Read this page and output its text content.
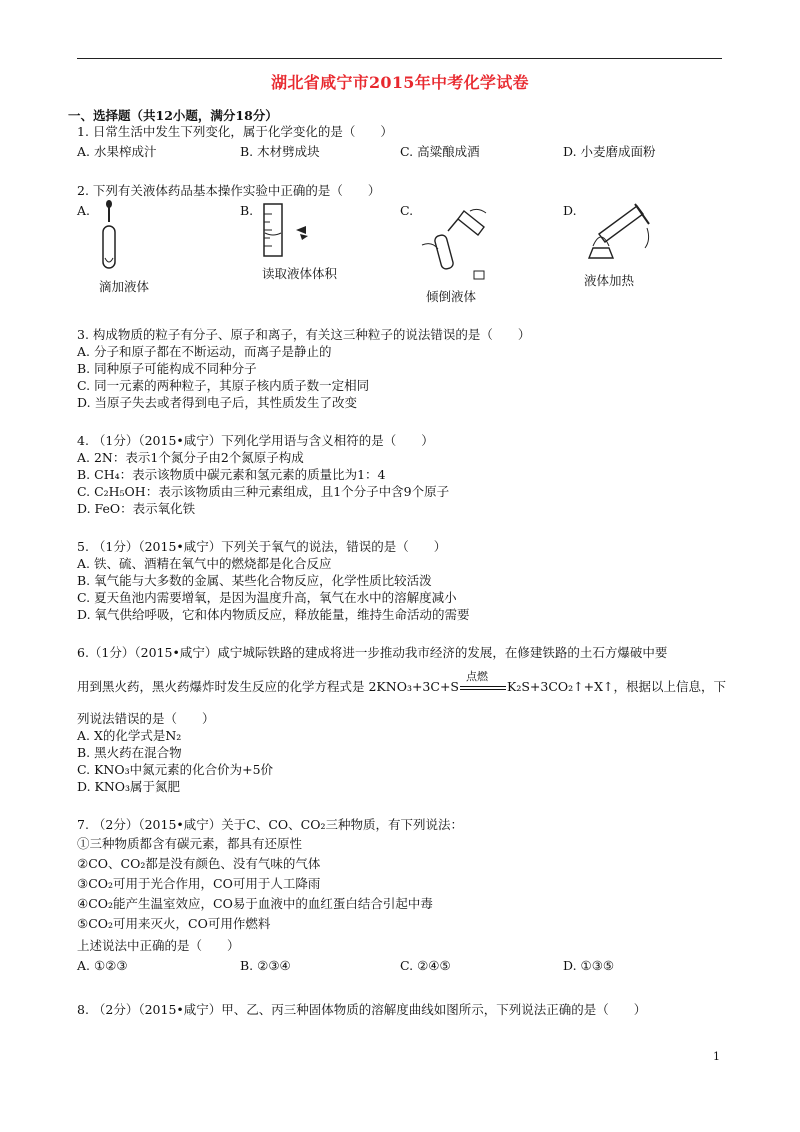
湖北省咸宁市2015年中考化学试卷
一、选择题（共12小题，满分18分）
1. 日常生活中发生下列变化，属于化学变化的是（　　）
A. 水果榨成汁	B. 木材劈成块	C. 高粱酿成酒	D. 小麦磨成面粉
2. 下列有关液体药品基本操作实验中正确的是（　　）
A.	B.	C.	D.
滴加液体
读取液体体积
倾倒液体
液体加热
3. 构成物质的粒子有分子、原子和离子，有关这三种粒子的说法错误的是（　　）
A. 分子和原子都在不断运动，而离子是静止的
B. 同种原子可能构成不同种分子
C. 同一元素的两种粒子，其原子核内质子数一定相同
D. 当原子失去或者得到电子后，其性质发生了改变
4. （1分）（2015•咸宁）下列化学用语与含义相符的是（　　）
A. 2N：表示1个氮分子由2个氮原子构成
B. CH₄：表示该物质中碳元素和氢元素的质量比为1：4
C. C₂H₅OH：表示该物质由三种元素组成，且1个分子中含9个原子
D. FeO：表示氧化铁
5. （1分）（2015•咸宁）下列关于氧气的说法，错误的是（　　）
A. 铁、硫、酒精在氧气中的燃烧都是化合反应
B. 氧气能与大多数的金属、某些化合物反应，化学性质比较活泼
C. 夏天鱼池内需要增氧，是因为温度升高，氧气在水中的溶解度减小
D. 氧气供给呼吸，它和体内物质反应，释放能量，维持生命活动的需要
6.（1分）（2015•咸宁）咸宁城际铁路的建成将进一步推动我市经济的发展，在修建铁路的土石方爆破中要
用到黑火药，黑火药爆炸时发生反应的化学方程式是 2KNO₃+3C+S
点燃
K₂S+3CO₂↑+X↑，根据以上信息，下
列说法错误的是（　　）
A. X的化学式是N₂
B. 黑火药在混合物
C. KNO₃中氮元素的化合价为+5价
D. KNO₃属于氮肥
7. （2分）（2015•咸宁）关于C、CO、CO₂三种物质，有下列说法：
①三种物质都含有碳元素，都具有还原性
②CO、CO₂都是没有颜色、没有气味的气体
③CO₂可用于光合作用，CO可用于人工降雨
④CO₂能产生温室效应，CO易于血液中的血红蛋白结合引起中毒
⑤CO₂可用来灭火，CO可用作燃料
上述说法中正确的是（　　）
A. ①②③	B. ②③④	C. ②④⑤	D. ①③⑤
8. （2分）（2015•咸宁）甲、乙、丙三种固体物质的溶解度曲线如图所示，下列说法正确的是（　　）
1
